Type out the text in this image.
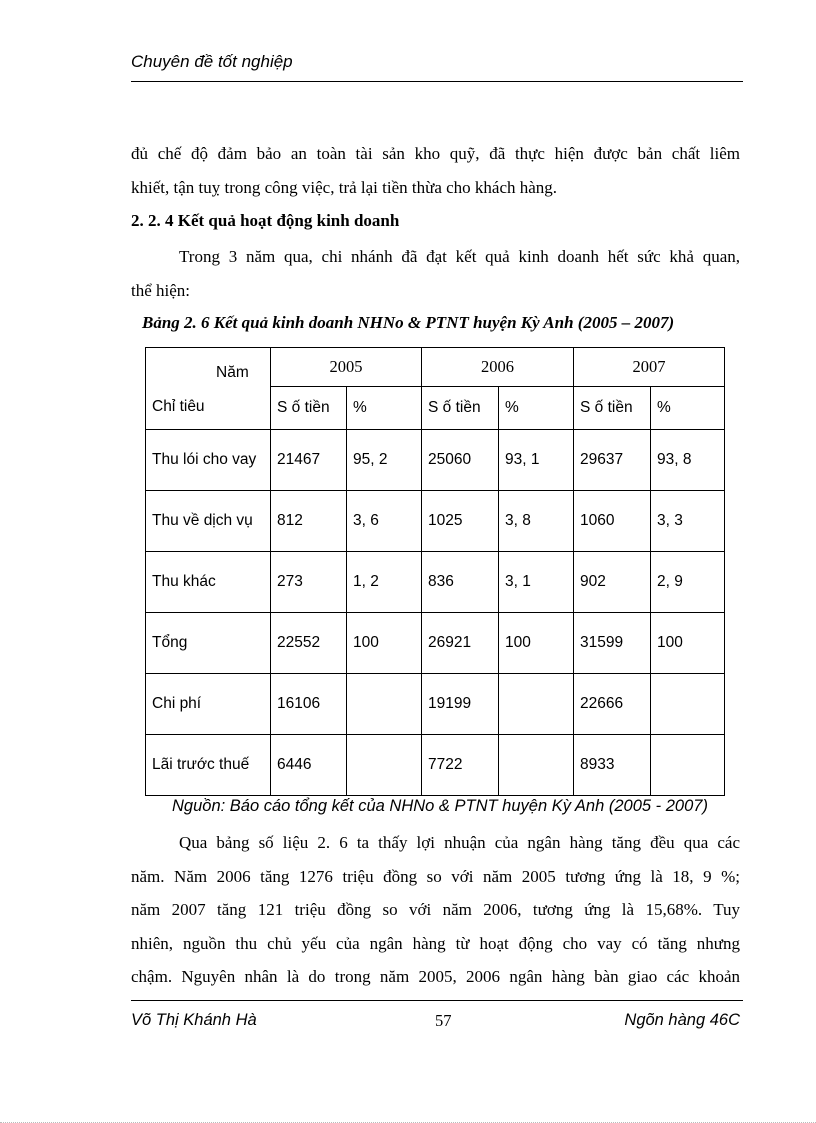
Chuyên đề tốt nghiệp
đủ chế độ đảm bảo an toàn tài sản kho quỹ, đã thực hiện được bản chất liêm
khiết, tận tuỵ trong công việc, trả lại tiền thừa cho khách hàng.
2. 2. 4 Kết quả hoạt động kinh doanh
Trong 3 năm qua, chi nhánh đã đạt kết quả kinh doanh hết sức khả quan,
thể hiện:
Bảng 2. 6 Kết quả kinh doanh NHNo & PTNT huyện Kỳ Anh (2005 – 2007)
Năm
Chỉ tiêu	2005		2006		2007	
	S ố tiền	%	S ố tiền	%	S ố tiền	%
Thu lói cho vay	21467	95, 2	25060	93, 1	29637	93, 8
Thu về dịch vụ	812	3, 6	1025	3, 8	1060	3, 3
Thu khác	273	1, 2	836	3, 1	902	2, 9
Tổng	22552	100	26921	100	31599	100
Chi phí	16106		19199		22666	
Lãi trước thuế	6446		7722		8933	
Nguồn: Báo cáo tổng kết của NHNo & PTNT huyện Kỳ Anh (2005 - 2007)
Qua bảng số liệu 2. 6 ta thấy lợi nhuận của ngân hàng tăng đều qua các
năm. Năm 2006 tăng 1276 triệu đồng so với năm 2005 tương ứng là 18, 9 %;
năm 2007 tăng 121 triệu đồng so với năm 2006, tương ứng là 15,68%. Tuy
nhiên, nguồn thu chủ yếu của ngân hàng từ hoạt động cho vay có tăng nhưng
chậm. Nguyên nhân là do trong năm 2005, 2006 ngân hàng bàn giao các khoản
Võ Thị Khánh Hà	57	Ngõn hàng 46C
